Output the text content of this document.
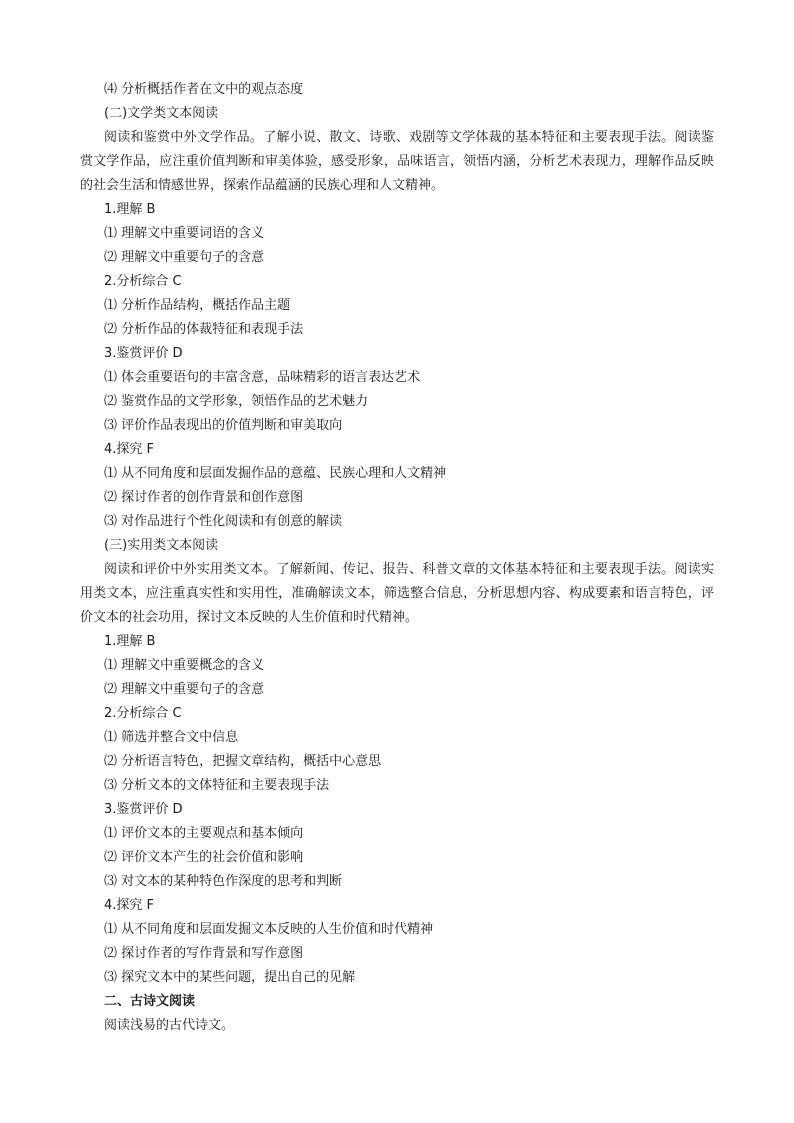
⑷ 分析概括作者在文中的观点态度

(二)文学类文本阅读

阅读和鉴赏中外文学作品。了解小说、散文、诗歌、戏剧等文学体裁的基本特征和主要表现手法。阅读鉴赏文学作品，应注重价值判断和审美体验，感受形象，品味语言，领悟内涵，分析艺术表现力，理解作品反映的社会生活和情感世界，探索作品蕴涵的民族心理和人文精神。

1.理解 B

⑴ 理解文中重要词语的含义

⑵ 理解文中重要句子的含意

2.分析综合 C

⑴ 分析作品结构，概括作品主题

⑵ 分析作品的体裁特征和表现手法

3.鉴赏评价 D

⑴ 体会重要语句的丰富含意，品味精彩的语言表达艺术

⑵ 鉴赏作品的文学形象，领悟作品的艺术魅力

⑶ 评价作品表现出的价值判断和审美取向

4.探究 F

⑴ 从不同角度和层面发掘作品的意蕴、民族心理和人文精神

⑵ 探讨作者的创作背景和创作意图

⑶ 对作品进行个性化阅读和有创意的解读

(三)实用类文本阅读

阅读和评价中外实用类文本。了解新闻、传记、报告、科普文章的文体基本特征和主要表现手法。阅读实用类文本，应注重真实性和实用性，准确解读文本，筛选整合信息，分析思想内容、构成要素和语言特色，评价文本的社会功用，探讨文本反映的人生价值和时代精神。

1.理解 B

⑴ 理解文中重要概念的含义

⑵ 理解文中重要句子的含意

2.分析综合 C

⑴ 筛选并整合文中信息

⑵ 分析语言特色，把握文章结构，概括中心意思

⑶ 分析文本的文体特征和主要表现手法

3.鉴赏评价 D

⑴ 评价文本的主要观点和基本倾向

⑵ 评价文本产生的社会价值和影响

⑶ 对文本的某种特色作深度的思考和判断

4.探究 F

⑴ 从不同角度和层面发掘文本反映的人生价值和时代精神

⑵ 探讨作者的写作背景和写作意图

⑶ 探究文本中的某些问题，提出自己的见解

二、古诗文阅读

阅读浅易的古代诗文。
